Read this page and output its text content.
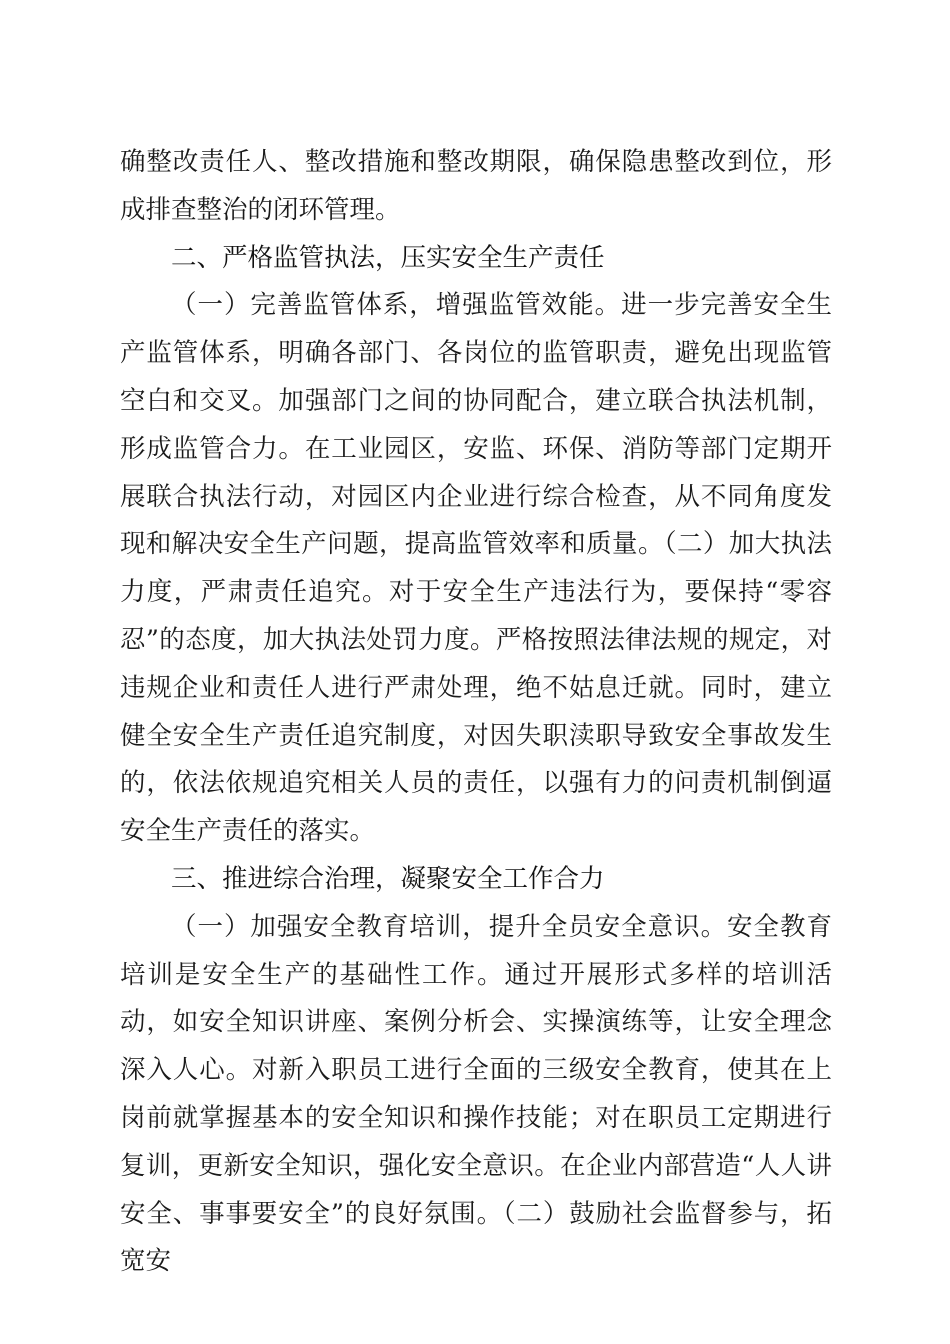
确整改责任人、整改措施和整改期限，确保隐患整改到位，形成排查整治的闭环管理。

二、严格监管执法，压实安全生产责任

（一）完善监管体系，增强监管效能。进一步完善安全生产监管体系，明确各部门、各岗位的监管职责，避免出现监管空白和交叉。加强部门之间的协同配合，建立联合执法机制，形成监管合力。在工业园区，安监、环保、消防等部门定期开展联合执法行动，对园区内企业进行综合检查，从不同角度发现和解决安全生产问题，提高监管效率和质量。（二）加大执法力度，严肃责任追究。对于安全生产违法行为，要保持“零容忍”的态度，加大执法处罚力度。严格按照法律法规的规定，对违规企业和责任人进行严肃处理，绝不姑息迁就。同时，建立健全安全生产责任追究制度，对因失职渎职导致安全事故发生的，依法依规追究相关人员的责任，以强有力的问责机制倒逼安全生产责任的落实。

三、推进综合治理，凝聚安全工作合力

（一）加强安全教育培训，提升全员安全意识。安全教育培训是安全生产的基础性工作。通过开展形式多样的培训活动，如安全知识讲座、案例分析会、实操演练等，让安全理念深入人心。对新入职员工进行全面的三级安全教育，使其在上岗前就掌握基本的安全知识和操作技能；对在职员工定期进行复训，更新安全知识，强化安全意识。在企业内部营造“人人讲安全、事事要安全”的良好氛围。（二）鼓励社会监督参与，拓宽安
